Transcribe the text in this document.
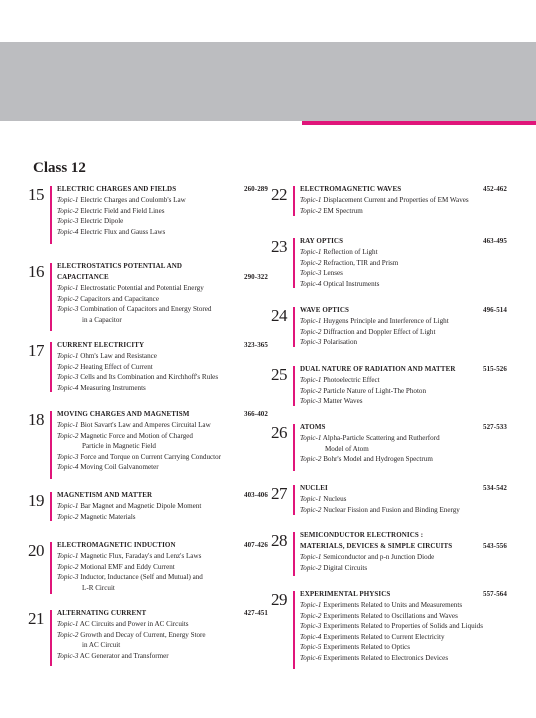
Class 12
15	ELECTRIC CHARGES AND FIELDS	260-289
Topic-1 Electric Charges and Coulomb's Law
Topic-2 Electric Field and Field Lines
Topic-3 Electric Dipole
Topic-4 Electric Flux and Gauss Laws
16	ELECTROSTATICS POTENTIAL AND
CAPACITANCE	290-322
Topic-1 Electrostatic Potential and Potential Energy
Topic-2 Capacitors and Capacitance
Topic-3 Combination of Capacitors and Energy Stored
in a Capacitor
17	CURRENT ELECTRICITY	323-365
Topic-1 Ohm's Law and Resistance
Topic-2 Heating Effect of Current
Topic-3 Cells and Its Combination and Kirchhoff's Rules
Topic-4 Measuring Instruments
18	MOVING CHARGES AND MAGNETISM	366-402
Topic-1 Biot Savart's Law and Amperes Circuital Law
Topic-2 Magnetic Force and Motion of Charged
Particle in Magnetic Field
Topic-3 Force and Torque on Current Carrying Conductor
Topic-4 Moving Coil Galvanometer
19	MAGNETISM AND MATTER	403-406
Topic-1 Bar Magnet and Magnetic Dipole Moment
Topic-2 Magnetic Materials
20	ELECTROMAGNETIC INDUCTION	407-426
Topic-1 Magnetic Flux, Faraday's and Lenz's Laws
Topic-2 Motional EMF and Eddy Current
Topic-3 Inductor, Inductance (Self and Mutual) and
L-R Circuit
21	ALTERNATING CURRENT	427-451
Topic-1 AC Circuits and Power in AC Circuits
Topic-2 Growth and Decay of Current, Energy Store
in AC Circuit
Topic-3 AC Generator and Transformer
22	ELECTROMAGNETIC WAVES	452-462
Topic-1 Displacement Current and Properties of EM Waves
Topic-2 EM Spectrum
23	RAY OPTICS	463-495
Topic-1 Reflection of Light
Topic-2 Refraction, TIR and Prism
Topic-3 Lenses
Topic-4 Optical Instruments
24	WAVE OPTICS	496-514
Topic-1 Huygens Principle and Interference of Light
Topic-2 Diffraction and Doppler Effect of Light
Topic-3 Polarisation
25	DUAL NATURE OF RADIATION AND MATTER	515-526
Topic-1 Photoelectric Effect
Topic-2 Particle Nature of Light-The Photon
Topic-3 Matter Waves
26	ATOMS	527-533
Topic-1 Alpha-Particle Scattering and Rutherford
Model of Atom
Topic-2 Bohr's Model and Hydrogen Spectrum
27	NUCLEI	534-542
Topic-1 Nucleus
Topic-2 Nuclear Fission and Fusion and Binding Energy
28	SEMICONDUCTOR ELECTRONICS :
MATERIALS, DEVICES & SIMPLE CIRCUITS	543-556
Topic-1 Semiconductor and p-n Junction Diode
Topic-2 Digital Circuits
29	EXPERIMENTAL PHYSICS	557-564
Topic-1 Experiments Related to Units and Measurements
Topic-2 Experiments Related to Oscillations and Waves
Topic-3 Experiments Related to Properties of Solids and Liquids
Topic-4 Experiments Related to Current Electricity
Topic-5 Experiments Related to Optics
Topic-6 Experiments Related to Electronics Devices
